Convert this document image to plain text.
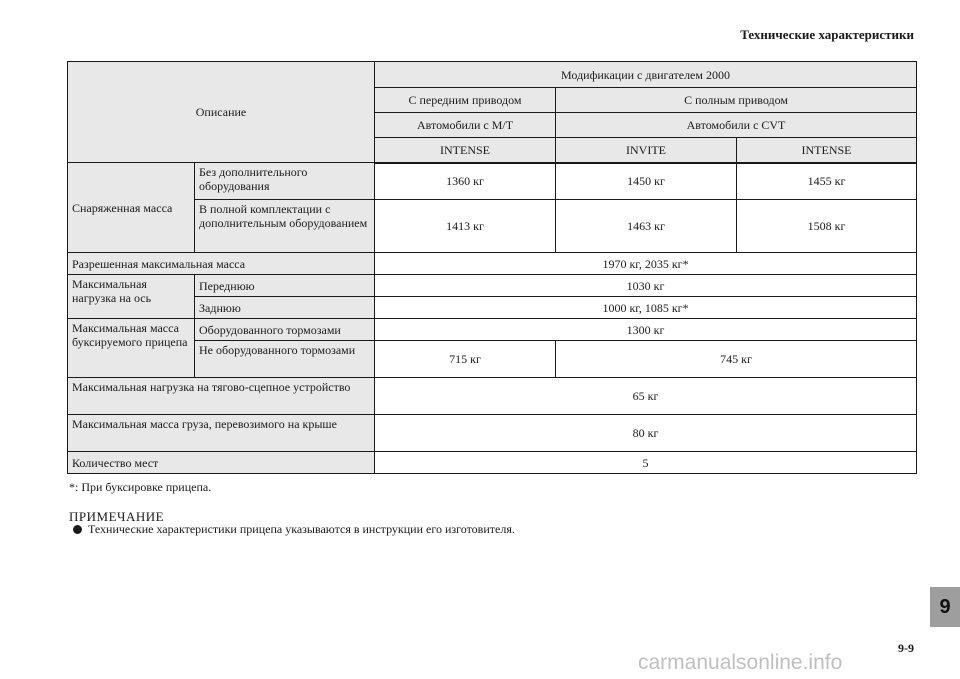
Технические характеристики
Описание		Модификации с двигателем 2000		
		С передним приводом	С полным приводом	
		Автомобили с M/T	Автомобили с CVT	
		INTENSE	INVITE	INTENSE
Снаряженная масса	Без дополнительного оборудования	1360 кг	1450 кг	1455 кг
	В полной комплектации с дополнительным оборудованием	1413 кг	1463 кг	1508 кг
Разрешенная максимальная масса		1970 кг, 2035 кг*		
Максимальная нагрузка на ось	Переднюю	1030 кг		
	Заднюю	1000 кг, 1085 кг*		
Максимальная масса буксируемого прицепа	Оборудованного тормозами	1300 кг		
	Не оборудованного тормозами	715 кг	745 кг	
Максимальная нагрузка на тягово-сцепное устройство		65 кг		
Максимальная масса груза, перевозимого на крыше		80 кг		
Количество мест		5		
*: При буксировке прицепа.
ПРИМЕЧАНИЕ
Технические характеристики прицепа указываются в инструкции его изготовителя.
9
9-9
carmanualsonline.info
